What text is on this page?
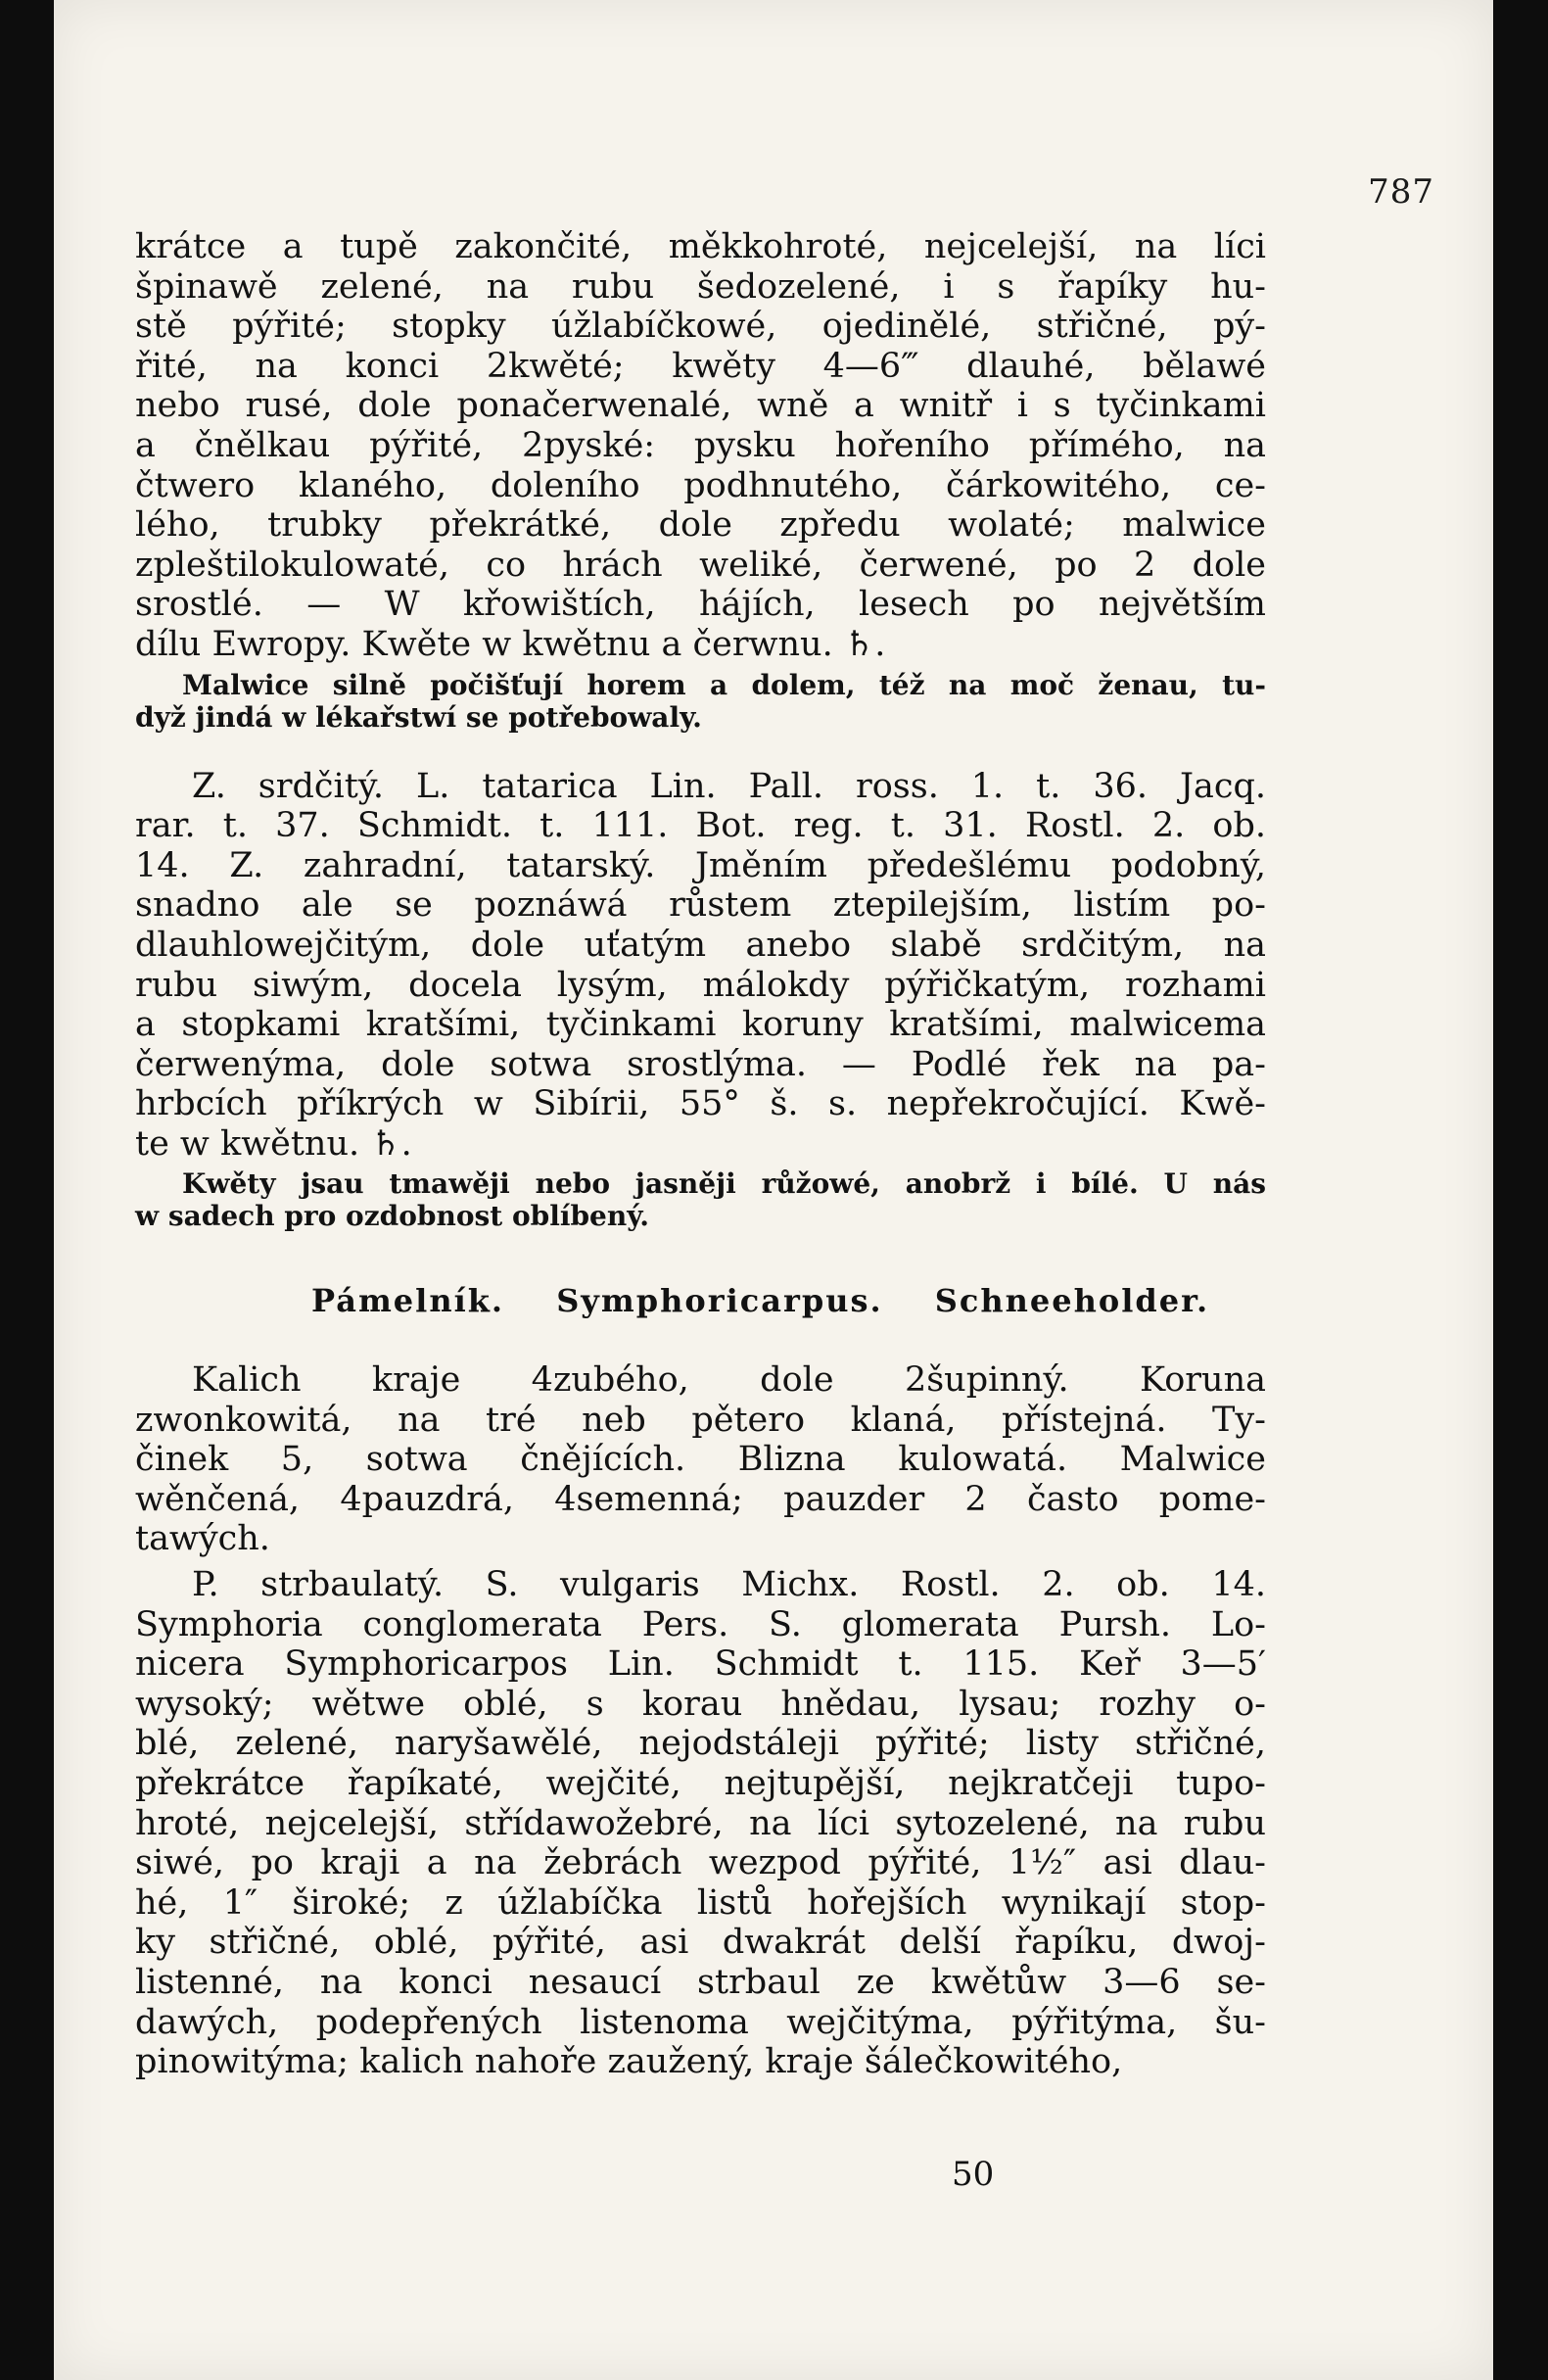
787
krátce a tupě zakončité, měkkohroté, nejcelejší, na líci
špinawě zelené, na rubu šedozelené, i s řapíky hu-
stě pýřité; stopky úžlabíčkowé, ojedinělé, střičné, pý-
řité, na konci 2kwěté; kwěty 4—6‴ dlauhé, bělawé
nebo rusé, dole ponačerwenalé, wně a wnitř i s tyčinkami
a čnělkau pýřité, 2pyské: pysku hořeního přímého, na
čtwero klaného, doleního podhnutého, čárkowitého, ce-
lého, trubky překrátké, dole zpředu wolaté; malwice
zpleštilokulowaté, co hrách weliké, čerwené, po 2 dole
srostlé. — W křowištích, hájích, lesech po největším
dílu Ewropy. Kwěte w kwětnu a čerwnu. ♄.
Malwice silně počišťují horem a dolem, též na moč ženau, tu-
dyž jindá w lékařstwí se potřebowaly.
Z. srdčitý. L. tatarica Lin. Pall. ross. 1. t. 36. Jacq.
rar. t. 37. Schmidt. t. 111. Bot. reg. t. 31. Rostl. 2. ob.
14. Z. zahradní, tatarský. Jměním předešlému podobný,
snadno ale se poznáwá růstem ztepilejším, listím po-
dlauhlowejčitým, dole uťatým anebo slabě srdčitým, na
rubu siwým, docela lysým, málokdy pýřičkatým, rozhami
a stopkami kratšími, tyčinkami koruny kratšími, malwicema
čerwenýma, dole sotwa srostlýma. — Podlé řek na pa-
hrbcích příkrých w Sibírii, 55° š. s. nepřekročující. Kwě-
te w kwětnu. ♄.
Kwěty jsau tmawěji nebo jasněji růžowé, anobrž i bílé. U nás
w sadech pro ozdobnost oblíbený.
Pámelník. Symphoricarpus. Schneeholder.
Kalich kraje 4zubého, dole 2šupinný. Koruna
zwonkowitá, na tré neb pětero klaná, přístejná. Ty-
činek 5, sotwa čnějících. Blizna kulowatá. Malwice
wěnčená, 4pauzdrá, 4semenná; pauzder 2 často pome-
tawých.
P. strbaulatý. S. vulgaris Michx. Rostl. 2. ob. 14.
Symphoria conglomerata Pers. S. glomerata Pursh. Lo-
nicera Symphoricarpos Lin. Schmidt t. 115. Keř 3—5′
wysoký; wětwe oblé, s korau hnědau, lysau; rozhy o-
blé, zelené, naryšawělé, nejodstáleji pýřité; listy střičné,
překrátce řapíkaté, wejčité, nejtupější, nejkratčeji tupo-
hroté, nejcelejší, střídawožebré, na líci sytozelené, na rubu
siwé, po kraji a na žebrách wezpod pýřité, 1½″ asi dlau-
hé, 1″ široké; z úžlabíčka listů hořejších wynikají stop-
ky střičné, oblé, pýřité, asi dwakrát delší řapíku, dwoj-
listenné, na konci nesaucí strbaul ze kwětůw 3—6 se-
dawých, podepřených listenoma wejčitýma, pýřitýma, šu-
pinowitýma; kalich nahoře zaužený, kraje šálečkowitého,
50
